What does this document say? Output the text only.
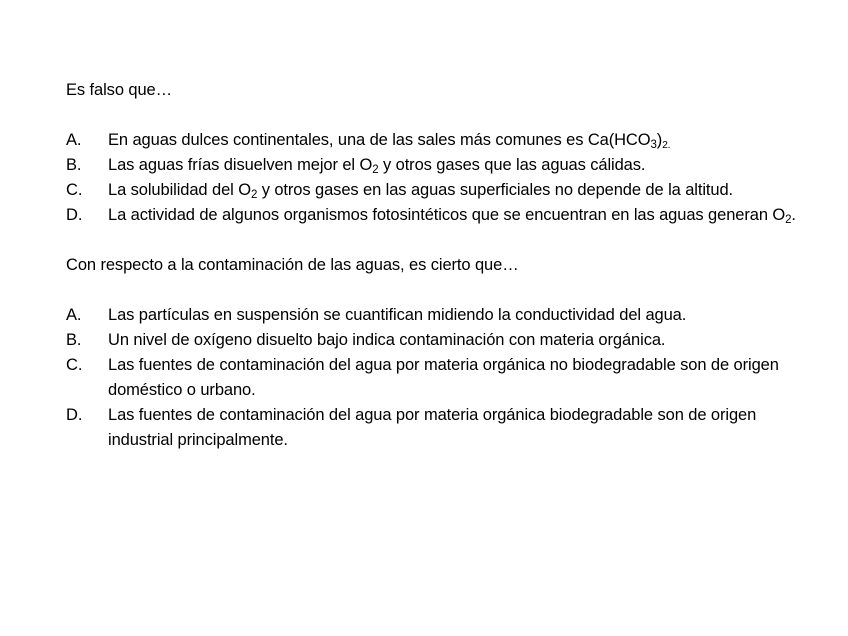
Es falso que…

A.	En aguas dulces continentales, una de las sales más comunes es $Ca(HCO_3)_{2.}$
B.	Las aguas frías disuelven mejor el $O_2$ y otros gases que las aguas cálidas.
C.	La solubilidad del $O_2$ y otros gases en las aguas superficiales no depende de la altitud.
D.	La actividad de algunos organismos fotosintéticos que se encuentran en las aguas generan $O_2$.

Con respecto a la contaminación de las aguas, es cierto que…

A.	Las partículas en suspensión se cuantifican midiendo la conductividad del agua.
B.	Un nivel de oxígeno disuelto bajo indica contaminación con materia orgánica.
C.	Las fuentes de contaminación del agua por materia orgánica no biodegradable son de origen doméstico o urbano.
D.	Las fuentes de contaminación del agua por materia orgánica biodegradable son de origen industrial principalmente.
